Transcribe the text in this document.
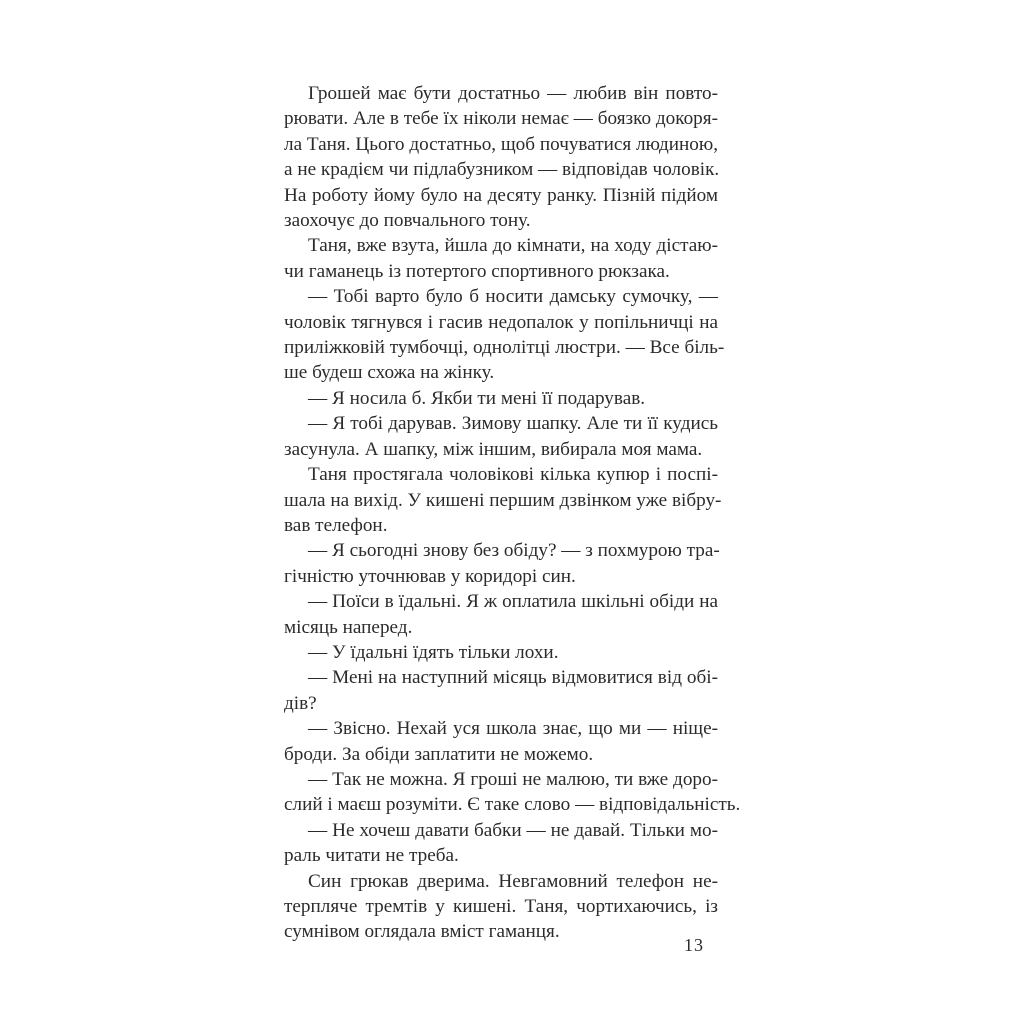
Грошей має бути достатньо — любив він повто-
рювати. Але в тебе їх ніколи немає — боязко докоря-
ла Таня. Цього достатньо, щоб почуватися людиною,
а не крадієм чи підлабузником — відповідав чоловік.
На роботу йому було на десяту ранку. Пізній підйом
заохочує до повчального тону.
Таня, вже взута, йшла до кімнати, на ходу дістаю-
чи гаманець із потертого спортивного рюкзака.
— Тобі варто було б носити дамську сумочку, —
чоловік тягнувся і гасив недопалок у попільничці на
приліжковій тумбочці, однолітці люстри. — Все біль-
ше будеш схожа на жінку.
— Я носила б. Якби ти мені її подарував.
— Я тобі дарував. Зимову шапку. Але ти її кудись
засунула. А шапку, між іншим, вибирала моя мама.
Таня простягала чоловікові кілька купюр і поспі-
шала на вихід. У кишені першим дзвінком уже вібру-
вав телефон.
— Я сьогодні знову без обіду? — з похмурою тра-
гічністю уточнював у коридорі син.
— Поїси в їдальні. Я ж оплатила шкільні обіди на
місяць наперед.
— У їдальні їдять тільки лохи.
— Мені на наступний місяць відмовитися від обі-
дів?
— Звісно. Нехай уся школа знає, що ми — ніще-
броди. За обіди заплатити не можемо.
— Так не можна. Я гроші не малюю, ти вже доро-
слий і маєш розуміти. Є таке слово — відповідальність.
— Не хочеш давати бабки — не давай. Тільки мо-
раль читати не треба.
Син грюкав дверима. Невгамовний телефон не-
терпляче тремтів у кишені. Таня, чортихаючись, із
сумнівом оглядала вміст гаманця.
13
